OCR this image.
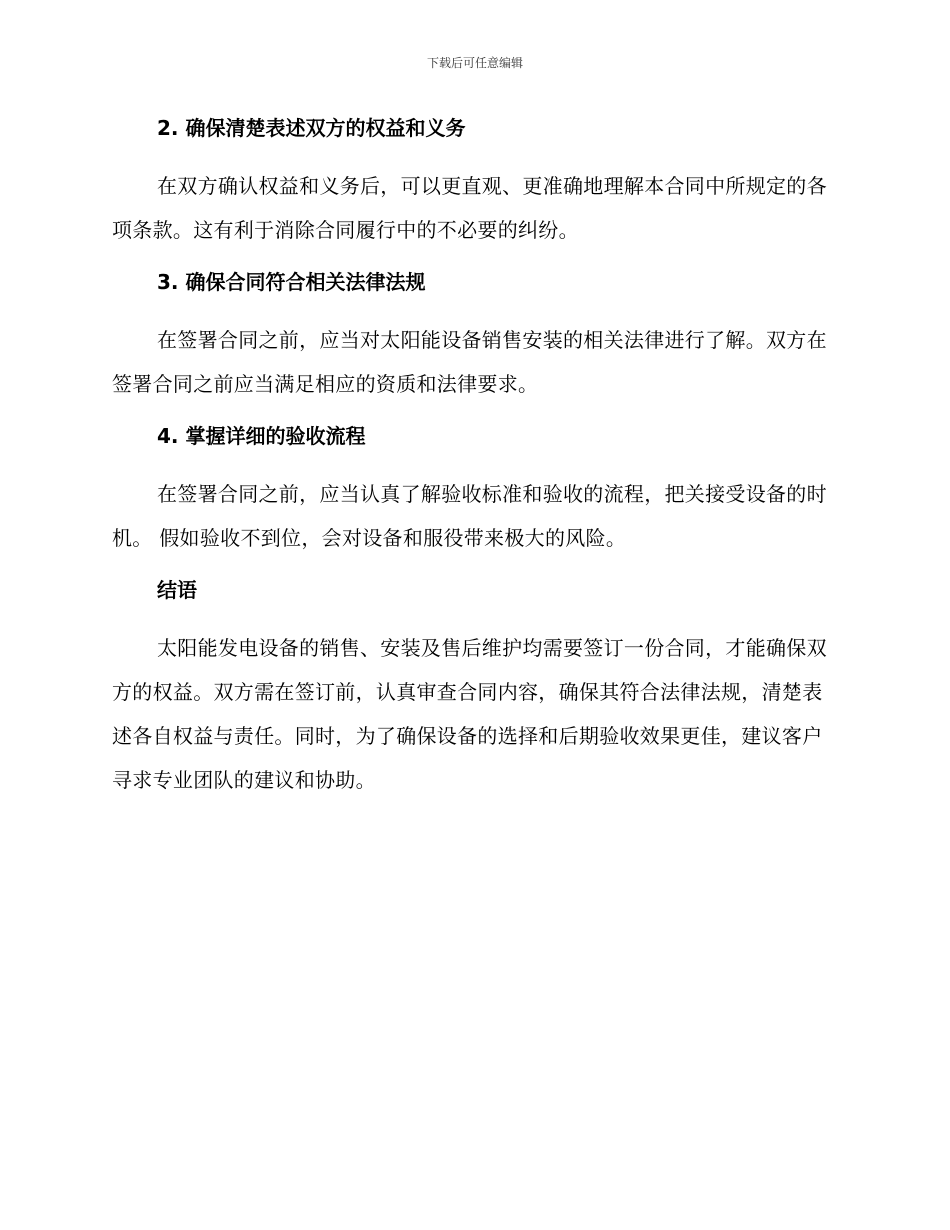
下载后可任意编辑
2. 确保清楚表述双方的权益和义务

在双方确认权益和义务后，可以更直观、更准确地理解本合同中所规定的各项条款。这有利于消除合同履行中的不必要的纠纷。

3. 确保合同符合相关法律法规

在签署合同之前，应当对太阳能设备销售安装的相关法律进行了解。双方在签署合同之前应当满足相应的资质和法律要求。

4. 掌握详细的验收流程

在签署合同之前，应当认真了解验收标准和验收的流程，把关接受设备的时机。 假如验收不到位，会对设备和服役带来极大的风险。

结语

太阳能发电设备的销售、安装及售后维护均需要签订一份合同，才能确保双方的权益。双方需在签订前，认真审查合同内容，确保其符合法律法规，清楚表述各自权益与责任。同时，为了确保设备的选择和后期验收效果更佳，建议客户寻求专业团队的建议和协助。
